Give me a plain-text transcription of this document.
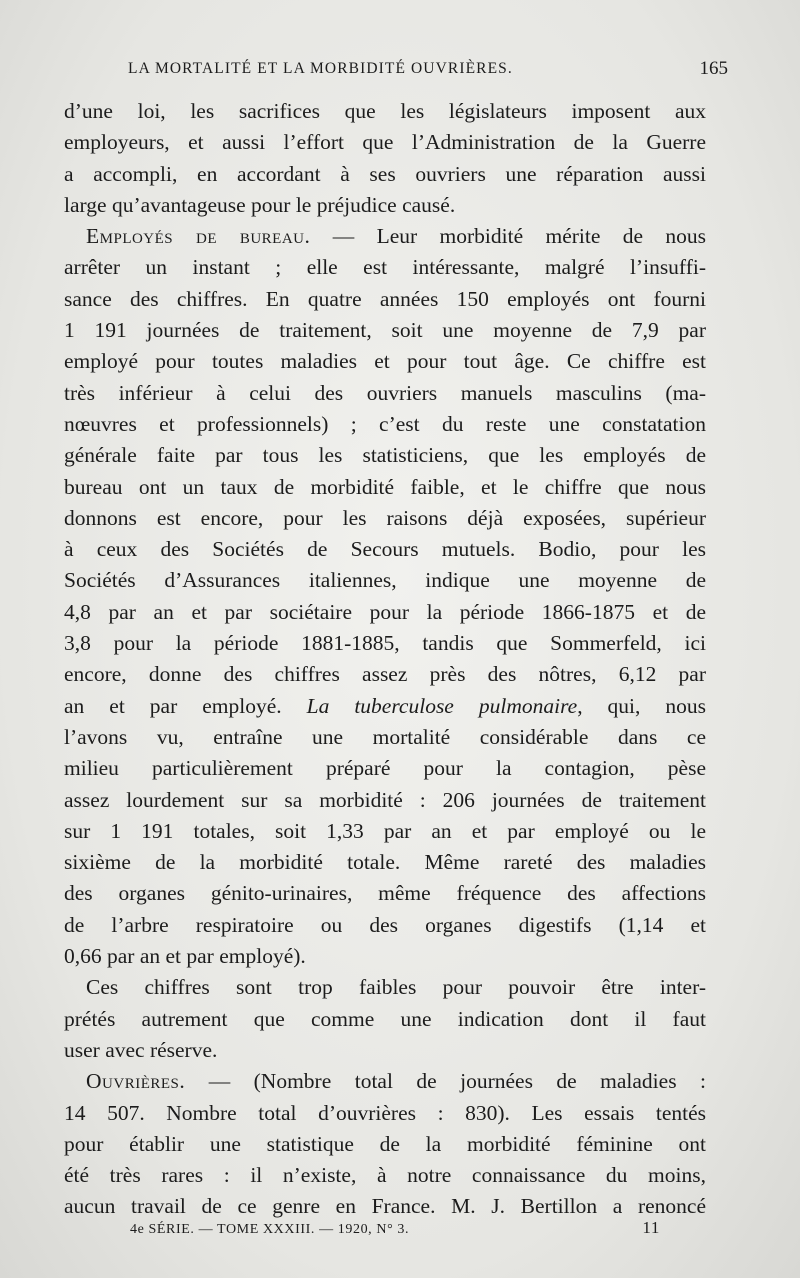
LA MORTALITÉ ET LA MORBIDITÉ OUVRIÈRES.	165
d’une loi, les sacrifices que les législateurs imposent aux
employeurs, et aussi l’effort que l’Administration de la Guerre
a accompli, en accordant à ses ouvriers une réparation aussi
large qu’avantageuse pour le préjudice causé.
Employés de bureau. — Leur morbidité mérite de nous
arrêter un instant ; elle est intéressante, malgré l’insuffi-
sance des chiffres. En quatre années 150 employés ont fourni
1 191 journées de traitement, soit une moyenne de 7,9 par
employé pour toutes maladies et pour tout âge. Ce chiffre est
très inférieur à celui des ouvriers manuels masculins (ma-
nœuvres et professionnels) ; c’est du reste une constatation
générale faite par tous les statisticiens, que les employés de
bureau ont un taux de morbidité faible, et le chiffre que nous
donnons est encore, pour les raisons déjà exposées, supérieur
à ceux des Sociétés de Secours mutuels. Bodio, pour les
Sociétés d’Assurances italiennes, indique une moyenne de
4,8 par an et par sociétaire pour la période 1866-1875 et de
3,8 pour la période 1881-1885, tandis que Sommerfeld, ici
encore, donne des chiffres assez près des nôtres, 6,12 par
an et par employé. La tuberculose pulmonaire, qui, nous
l’avons vu, entraîne une mortalité considérable dans ce
milieu particulièrement préparé pour la contagion, pèse
assez lourdement sur sa morbidité : 206 journées de traitement
sur 1 191 totales, soit 1,33 par an et par employé ou le
sixième de la morbidité totale. Même rareté des maladies
des organes génito-urinaires, même fréquence des affections
de l’arbre respiratoire ou des organes digestifs (1,14 et
0,66 par an et par employé).
Ces chiffres sont trop faibles pour pouvoir être inter-
prétés autrement que comme une indication dont il faut
user avec réserve.
Ouvrières. — (Nombre total de journées de maladies :
14 507. Nombre total d’ouvrières : 830). Les essais tentés
pour établir une statistique de la morbidité féminine ont
été très rares : il n’existe, à notre connaissance du moins,
aucun travail de ce genre en France. M. J. Bertillon a renoncé
4e SÉRIE. — TOME XXXIII. — 1920, N° 3.	11
